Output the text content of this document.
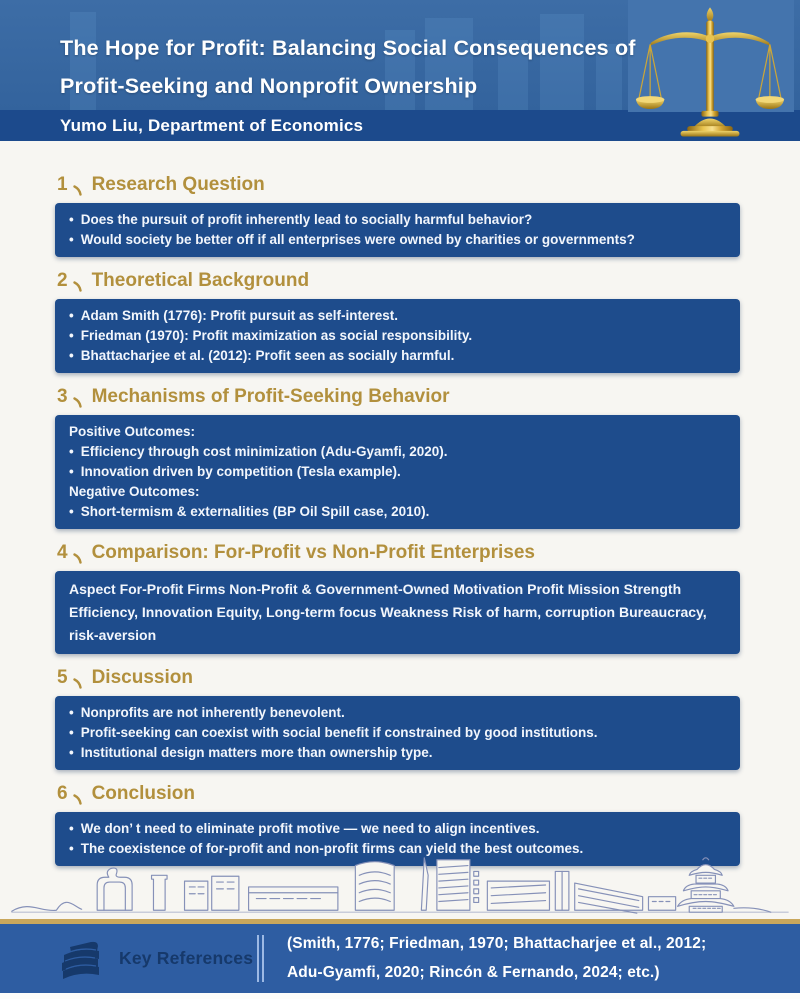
The Hope for Profit: Balancing Social Consequences of
Profit-Seeking and Nonprofit Ownership
Yumo Liu, Department of Economics
1 Research Question
• Does the pursuit of profit inherently lead to socially harmful behavior?
• Would society be better off if all enterprises were owned by charities or governments?
2 Theoretical Background
• Adam Smith (1776): Profit pursuit as self-interest.
• Friedman (1970): Profit maximization as social responsibility.
• Bhattacharjee et al. (2012): Profit seen as socially harmful.
3 Mechanisms of Profit-Seeking Behavior
Positive Outcomes:
• Efficiency through cost minimization (Adu-Gyamfi, 2020).
• Innovation driven by competition (Tesla example).
Negative Outcomes:
• Short-termism & externalities (BP Oil Spill case, 2010).
4 Comparison: For-Profit vs Non-Profit Enterprises
Aspect For-Profit Firms Non-Profit & Government-Owned Motivation Profit Mission Strength Efficiency, Innovation Equity, Long-term focus Weakness Risk of harm, corruption Bureaucracy, risk-aversion
5 Discussion
• Nonprofits are not inherently benevolent.
• Profit-seeking can coexist with social benefit if constrained by good institutions.
• Institutional design matters more than ownership type.
6 Conclusion
• We don’ t need to eliminate profit motive — we need to align incentives.
• The coexistence of for-profit and non-profit firms can yield the best outcomes.
Key References
(Smith, 1776; Friedman, 1970; Bhattacharjee et al., 2012;
Adu-Gyamfi, 2020; Rincón & Fernando, 2024; etc.)
